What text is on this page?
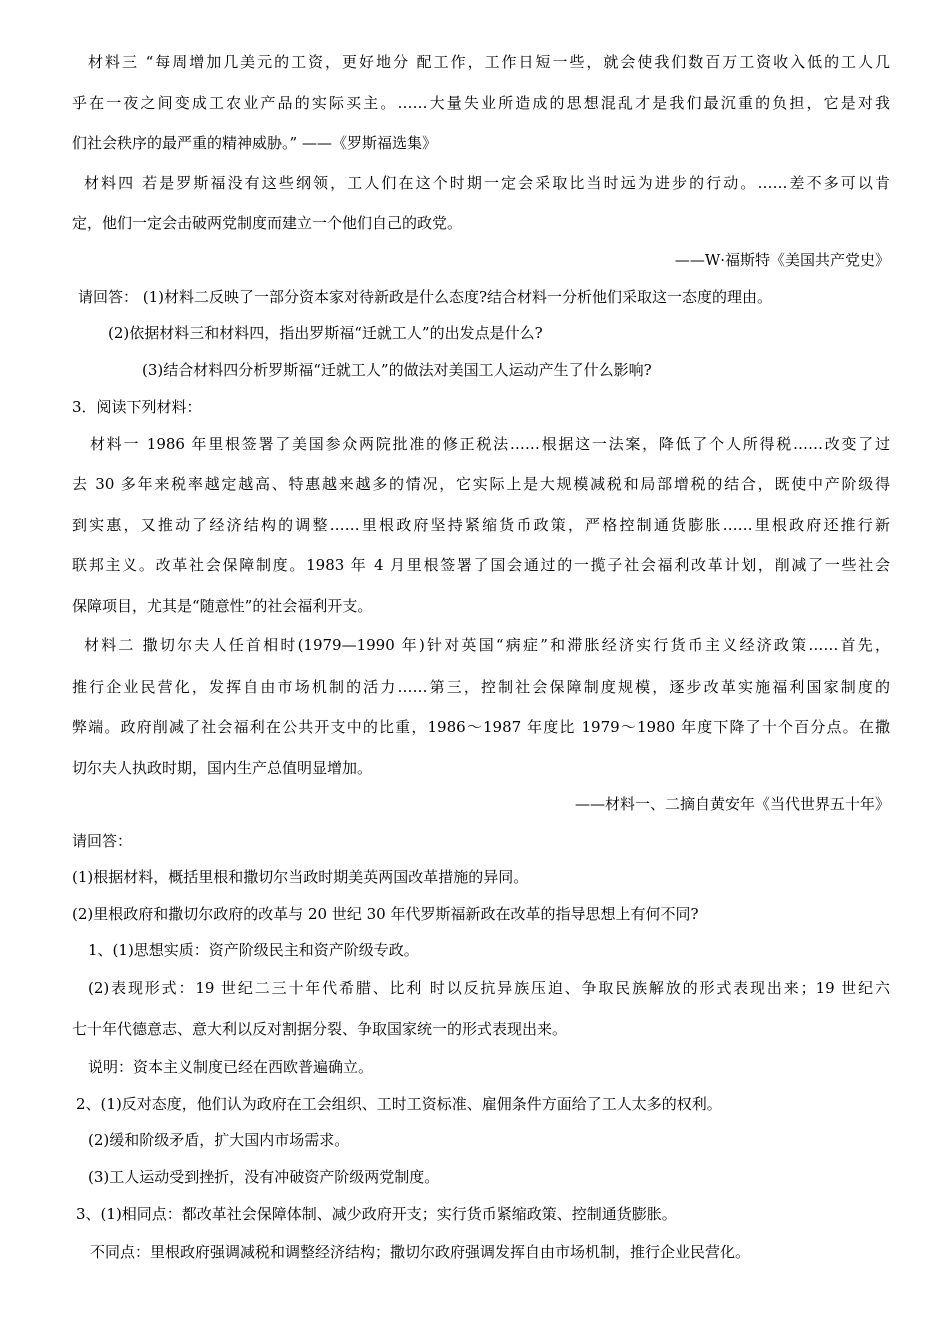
材料三 “每周增加几美元的工资，更好地分 配工作，工作日短一些，就会使我们数百万工资收入低的工人几
乎在一夜之间变成工农业产品的实际买主。……大量失业所造成的思想混乱才是我们最沉重的负担，它是对我
们社会秩序的最严重的精神威胁。” ——《罗斯福选集》
材料四 若是罗斯福没有这些纲领，工人们在这个时期一定会采取比当时远为进步的行动。……差不多可以肯
定，他们一定会击破两党制度而建立一个他们自己的政党。
——W·福斯特《美国共产党史》
请回答： (1)材料二反映了一部分资本家对待新政是什么态度?结合材料一分析他们采取这一态度的理由。
(2)依据材料三和材料四，指出罗斯福“迁就工人”的出发点是什么?
(3)结合材料四分析罗斯福“迁就工人”的做法对美国工人运动产生了什么影响?
3．阅读下列材料：
材料一 1986 年里根签署了美国参众两院批准的修正税法……根据这一法案，降低了个人所得税……改变了过
去 30 多年来税率越定越高、特惠越来越多的情况，它实际上是大规模减税和局部增税的结合，既使中产阶级得
到实惠，又推动了经济结构的调整……里根政府坚持紧缩货币政策，严格控制通货膨胀……里根政府还推行新
联邦主义。改革社会保障制度。1983 年 4 月里根签署了国会通过的一揽子社会福利改革计划，削减了一些社会
保障项目，尤其是“随意性”的社会福利开支。
材料二 撒切尔夫人任首相时(1979—1990 年)针对英国“病症”和滞胀经济实行货币主义经济政策……首先，
推行企业民营化，发挥自由市场机制的活力……第三，控制社会保障制度规模，逐步改革实施福利国家制度的
弊端。政府削减了社会福利在公共开支中的比重，1986～1987 年度比 1979～1980 年度下降了十个百分点。在撒
切尔夫人执政时期，国内生产总值明显增加。
——材料一、二摘自黄安年《当代世界五十年》
请回答：
(1)根据材料，概括里根和撒切尔当政时期美英两国改革措施的异同。
(2)里根政府和撒切尔政府的改革与 20 世纪 30 年代罗斯福新政在改革的指导思想上有何不同?
1、(1)思想实质：资产阶级民主和资产阶级专政。
(2)表现形式：19 世纪二三十年代希腊、比利 时以反抗异族压迫、争取民族解放的形式表现出来；19 世纪六
七十年代德意志、意大利以反对割据分裂、争取国家统一的形式表现出来。
说明：资本主义制度已经在西欧普遍确立。
2、(1)反对态度，他们认为政府在工会组织、工时工资标准、雇佣条件方面给了工人太多的权利。
(2)缓和阶级矛盾，扩大国内市场需求。
(3)工人运动受到挫折，没有冲破资产阶级两党制度。
3、(1)相同点：都改革社会保障体制、减少政府开支；实行货币紧缩政策、控制通货膨胀。
不同点：里根政府强调减税和调整经济结构；撒切尔政府强调发挥自由市场机制，推行企业民营化。
